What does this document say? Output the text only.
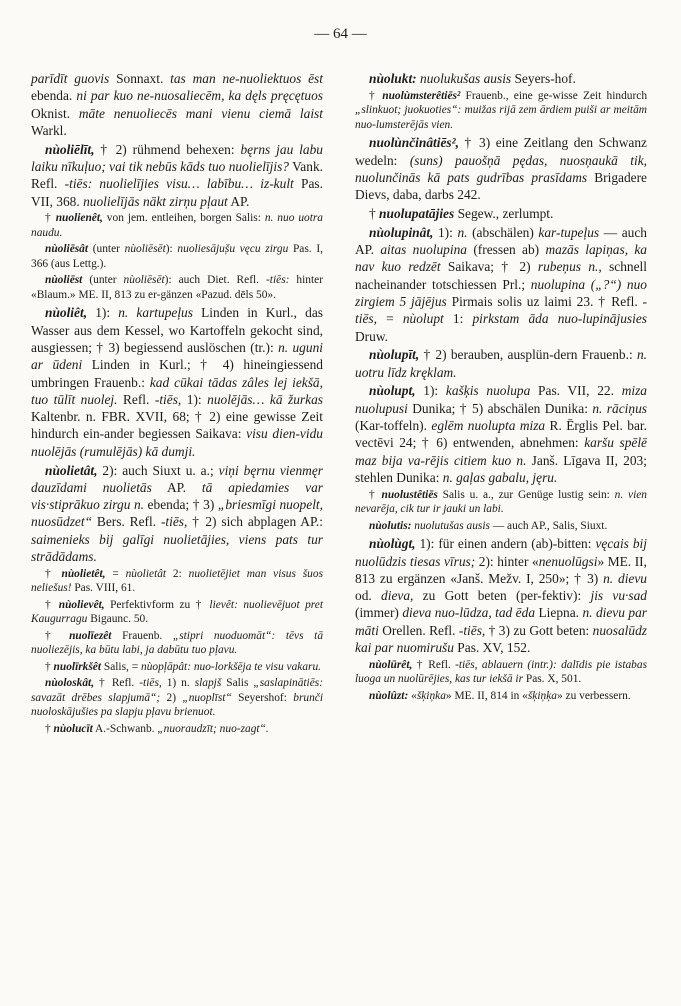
— 64 —
parīdīt guovis Sonnaxt. tas man ne-nuoliektuos ēst ebenda. ni par kuo ne-nuosaliecēm, ka dęls pręcętuos Oknist. māte nenuoliecēs mani vienu ciemā laist Warkl.
nùoliēlīt, † 2) rühmend behexen: bęrns jau labu laiku nīkuļuo; vai tik nebūs kāds tuo nuolielījis? Vank. Refl. -tiēs: nuolielījies visu… labību… iz-kult Pas. VII, 368. nuolielījās nākt zirņu pļaut AP.
† nuolienêt, von jem. entleihen, borgen Salis: n. nuo uotra naudu.
nùoliēsât (unter nùoliēsēt): nuoliesāju̦šu vęcu zirgu Pas. I, 366 (aus Lettg.).
nùoliēst (unter nùoliēsēt): auch Diet. Refl. -tiēs: hinter «Blaum.» ME. II, 813 zu er-gänzen «Pazud. dēls 50».
nùoliêt, 1): n. kartupeļus Linden in Kurl., das Wasser aus dem Kessel, wo Kartoffeln gekocht sind, ausgiessen; † 3) begiessend auslöschen (tr.): n. uguni ar ūdeni Linden in Kurl.; † 4) hineingiessend umbringen Frauenb.: kad cūkai tādas zâles lej iekšā, tuo tūlīt nuolej. Refl. -tiēs, 1): nuolējās… kā žurkas Kaltenbr. n. FBR. XVII, 68; † 2) eine gewisse Zeit hindurch ein-ander begiessen Saikava: visu dien-vidu nuolējās (rumulējās) kā dumji.
nùolietât, 2): auch Siuxt u. a.; viņi bęrnu vienmęr dauzīdami nuolietās AP. tā apiedamies var vis·stiprākuo zirgu n. ebenda; † 3) „briesmīgi nuopelt, nuosūdzet“ Bers. Refl. -tiēs, † 2) sich abplagen AP.: saimenieks bij galīgi nuolietājies, viens pats tur strādādams.
† nùolietêt, = nùolietât 2: nuolietējiet man visus šuos neliešus! Pas. VIII, 61.
† nùolievêt, Perfektivform zu † lievêt: nuolievējuot pret Kaugurragu Bigaunc. 50.
† nuolīezêt Frauenb. „stipri nuoduomāt“: tēvs tā nuoliezējis, ka būtu labi, ja dabūtu tuo pļavu.
† nuolīrkšêt Salis, = nùopļāpât: nuo-lorkšēja te visu vakaru.
nùoloskât, † Refl. -tiēs, 1) n. slapjš Salis „saslapinātiēs: savazāt drēbes slapjumā“; 2) „nuoplīst“ Seyershof: brunči nuoloskājušies pa slapju pļavu brienuot.
† nùolucīt A.-Schwanb. „nuoraudzīt; nuo-zagt“.
nùolukt: nuolukušas ausis Seyers-hof.
† nuolùmsterêtiēs² Frauenb., eine ge-wisse Zeit hindurch „slinkuot; juokuoties“: muižas rijā zem ārdiem puiši ar meitām nuo-lumsterējās vien.
nuolùnčinâtiēs², † 3) eine Zeitlang den Schwanz wedeln: (suns) pauošņā pędas, nuosņaukā tik, nuolunčinās kā pats gudrības prasīdams Brigadere Dievs, daba, darbs 242.
† nuolupatājies Segew., zerlumpt.
nùolupinât, 1): n. (abschälen) kar-tupeļus — auch AP. aitas nuolupina (fressen ab) mazās lapiņas, ka nav kuo redzēt Saikava; † 2) rubeņus n., schnell nacheinander totschiessen Prl.; nuolupina („?“) nuo zirgiem 5 jājējus Pirmais solis uz laimi 23. † Refl. -tiēs, = nùolupt 1: pirkstam āda nuo-lupinājusies Druw.
nùolupīt, † 2) berauben, ausplün-dern Frauenb.: n. uotru līdz kręklam.
nùolupt, 1): kašķis nuolupa Pas. VII, 22. miza nuolupusi Dunika; † 5) abschälen Dunika: n. rāciņus (Kar-toffeln). eglēm nuolupta miza R. Ērglis Pel. bar. vectēvi 24; † 6) entwenden, abnehmen: karšu spēlē maz bija va-rējis citiem kuo n. Janš. Līgava II, 203; stehlen Dunika: n. gaļas gabalu, jęru.
† nuolustêtiēs Salis u. a., zur Genüge lustig sein: n. vien nevarēja, cik tur ir jauki un labi.
nùolutis: nuolutušas ausis — auch AP., Salis, Siuxt.
nùolùgt, 1): für einen andern (ab)-bitten: vęcais bij nuolūdzis tiesas vīrus; 2): hinter «nenuolūgsi» ME. II, 813 zu ergänzen «Janš. Mežv. I, 250»; † 3) n. dievu od. dieva, zu Gott beten (per-fektiv): jis vu·sad (immer) dieva nuo-lūdza, tad ēda Liepna. n. dievu par māti Orellen. Refl. -tiēs, † 3) zu Gott beten: nuosalūdz kai par nuomirušu Pas. XV, 152.
nùolūrêt, † Refl. -tiēs, ablauern (intr.): dalīdis pie istabas luoga un nuolūrējies, kas tur iekšā ir Pas. X, 501.
nùolûzt: «šķiņka» ME. II, 814 in «šķiņķa» zu verbessern.
